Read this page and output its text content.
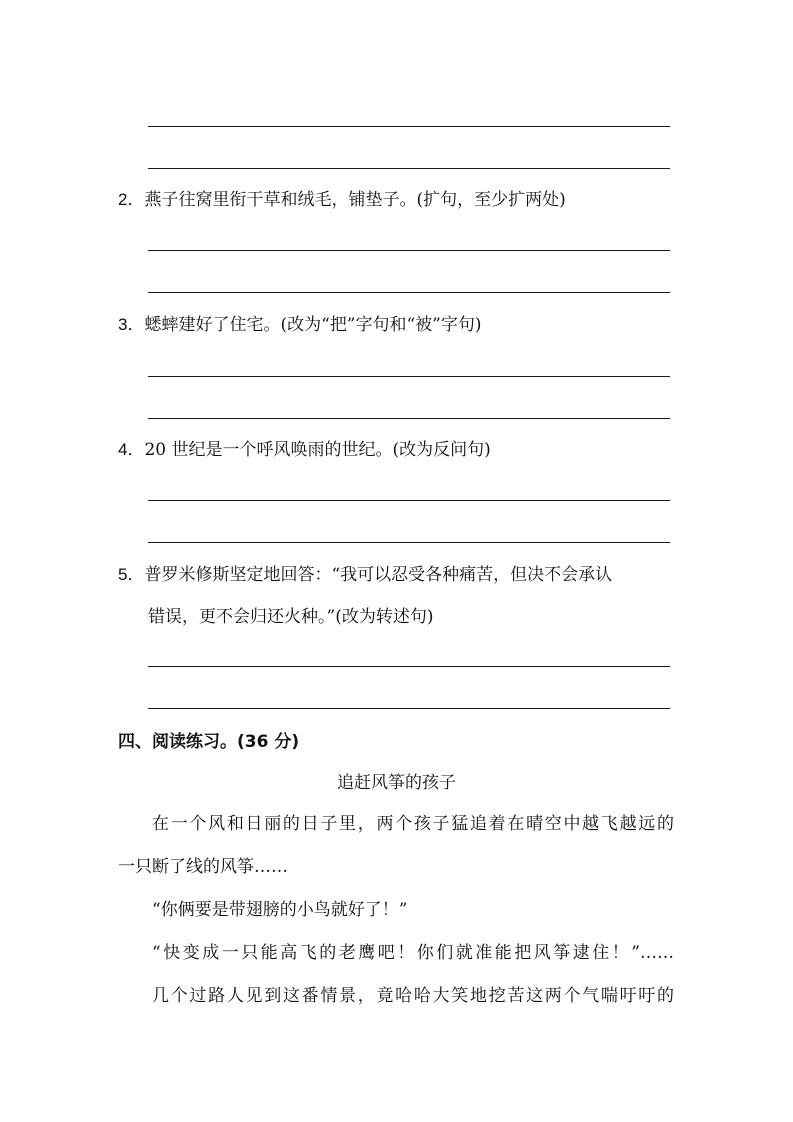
2．燕子往窝里衔干草和绒毛，铺垫子。(扩句，至少扩两处)
3．蟋蟀建好了住宅。(改为“把”字句和“被”字句)
4．20 世纪是一个呼风唤雨的世纪。(改为反问句)
5．普罗米修斯坚定地回答：“我可以忍受各种痛苦，但决不会承认
错误，更不会归还火种。”(改为转述句)
四、阅读练习。(36 分)
追赶风筝的孩子
在一个风和日丽的日子里，两个孩子猛追着在晴空中越飞越远的
一只断了线的风筝……
“你俩要是带翅膀的小鸟就好了！”
“快变成一只能高飞的老鹰吧！你们就准能把风筝逮住！”……
几个过路人见到这番情景，竟哈哈大笑地挖苦这两个气喘吁吁的
